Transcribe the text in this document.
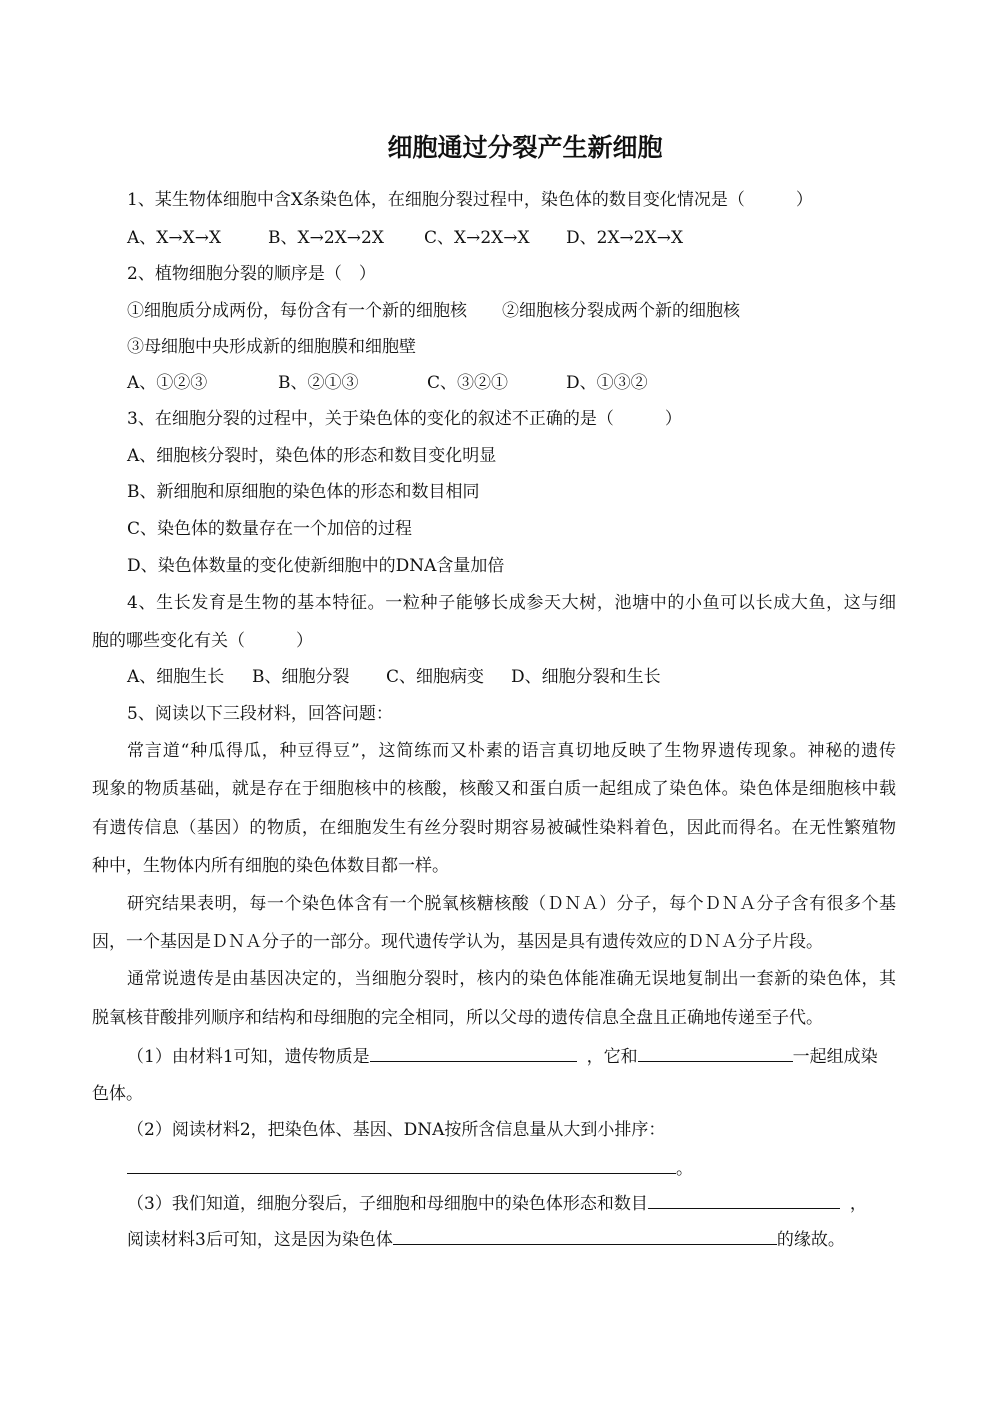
细胞通过分裂产生新细胞
1、某生物体细胞中含X条染色体，在细胞分裂过程中，染色体的数目变化情况是（　　　）
A、X→X→X	B、X→2X→2X C、X→2X→X D、2X→2X→X
2、植物细胞分裂的顺序是（　）
①细胞质分成两份，每份含有一个新的细胞核 ②细胞核分裂成两个新的细胞核
③母细胞中央形成新的细胞膜和细胞壁
A、①②③	B、②①③	C、③②①	D、①③②
3、在细胞分裂的过程中，关于染色体的变化的叙述不正确的是（　　　）
A、细胞核分裂时，染色体的形态和数目变化明显
B、新细胞和原细胞的染色体的形态和数目相同
C、染色体的数量存在一个加倍的过程
D、染色体数量的变化使新细胞中的DNA含量加倍
4、生长发育是生物的基本特征。一粒种子能够长成参天大树，池塘中的小鱼可以长成大鱼，这与细
胞的哪些变化有关（　　　）
A、细胞生长 B、细胞分裂 C、细胞病变 D、细胞分裂和生长
5、阅读以下三段材料，回答问题：
常言道“种瓜得瓜，种豆得豆”，这简练而又朴素的语言真切地反映了生物界遗传现象。神秘的遗传
现象的物质基础，就是存在于细胞核中的核酸，核酸又和蛋白质一起组成了染色体。染色体是细胞核中载
有遗传信息（基因）的物质，在细胞发生有丝分裂时期容易被碱性染料着色，因此而得名。在无性繁殖物
种中，生物体内所有细胞的染色体数目都一样。
研究结果表明，每一个染色体含有一个脱氧核糖核酸（ＤＮＡ）分子，每个ＤＮＡ分子含有很多个基
因，一个基因是ＤＮＡ分子的一部分。现代遗传学认为，基因是具有遗传效应的ＤＮＡ分子片段。
通常说遗传是由基因决定的，当细胞分裂时，核内的染色体能准确无误地复制出一套新的染色体，其
脱氧核苷酸排列顺序和结构和母细胞的完全相同，所以父母的遗传信息全盘且正确地传递至子代。
（1）由材料1可知，遗传物质是	，它和	一起组成染
色体。
（2）阅读材料2，把染色体、基因、DNA按所含信息量从大到小排序：
。
（3）我们知道，细胞分裂后，子细胞和母细胞中的染色体形态和数目	，
阅读材料3后可知，这是因为染色体	的缘故。
